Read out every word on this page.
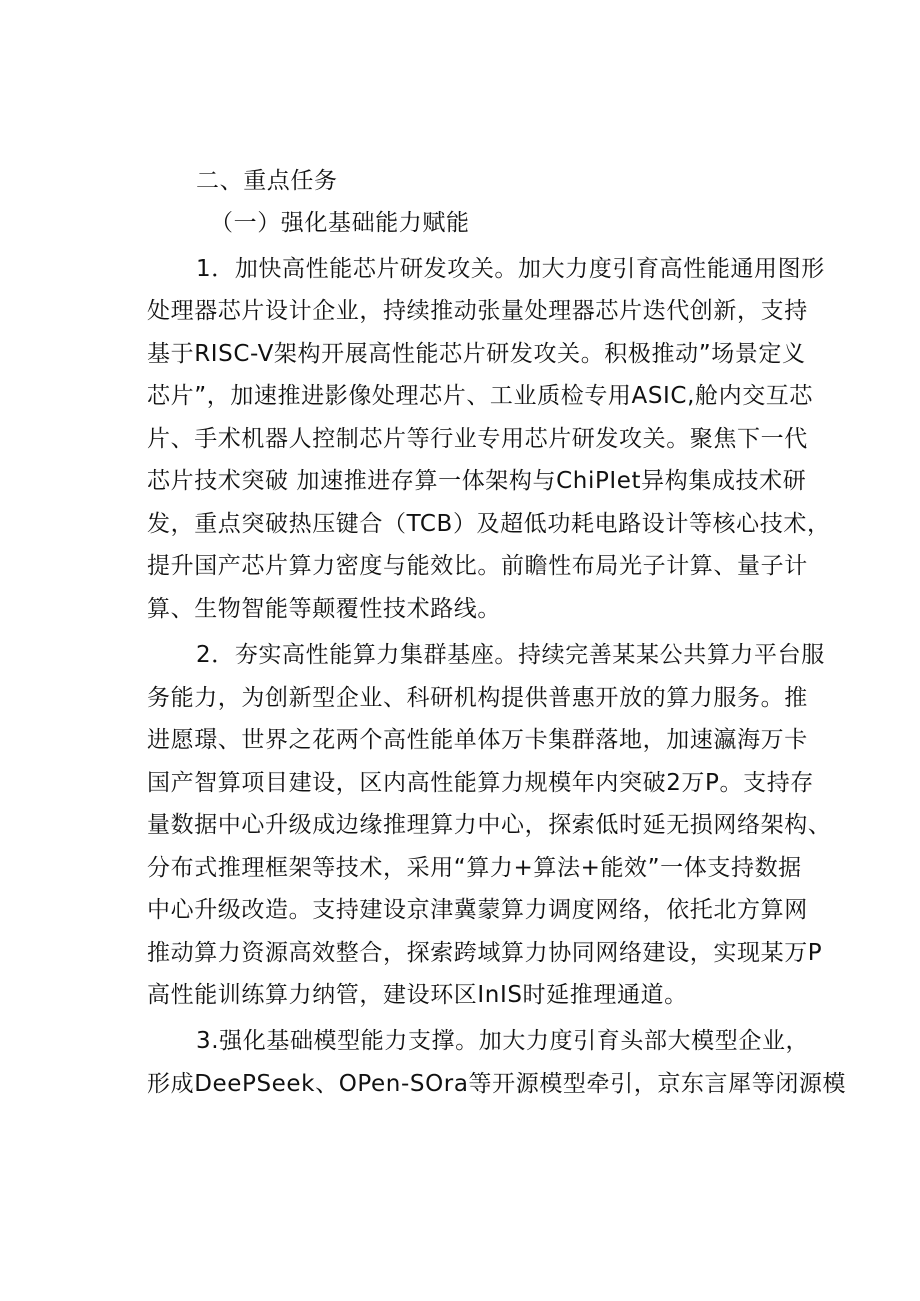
二、重点任务
（一）强化基础能力赋能
1．加快高性能芯片研发攻关。加大力度引育高性能通用图形
处理器芯片设计企业，持续推动张量处理器芯片迭代创新，支持
基于RISC-V架构开展高性能芯片研发攻关。积极推动”场景定义
芯片”，加速推进影像处理芯片、工业质检专用ASIC,舱内交互芯
片、手术机器人控制芯片等行业专用芯片研发攻关。聚焦下一代
芯片技术突破 加速推进存算一体架构与ChiPIet异构集成技术研
发，重点突破热压键合（TCB）及超低功耗电路设计等核心技术，
提升国产芯片算力密度与能效比。前瞻性布局光子计算、量子计
算、生物智能等颠覆性技术路线。
2．夯实高性能算力集群基座。持续完善某某公共算力平台服
务能力，为创新型企业、科研机构提供普惠开放的算力服务。推
进愿璟、世界之花两个高性能单体万卡集群落地，加速瀛海万卡
国产智算项目建设，区内高性能算力规模年内突破2万P。支持存
量数据中心升级成边缘推理算力中心，探索低时延无损网络架构、
分布式推理框架等技术，采用“算力+算法+能效”一体支持数据
中心升级改造。支持建设京津冀蒙算力调度网络，依托北方算网
推动算力资源高效整合，探索跨域算力协同网络建设，实现某万P
高性能训练算力纳管，建设环区InIS时延推理通道。
3.强化基础模型能力支撑。加大力度引育头部大模型企业，
形成DeePSeek、OPen-SOra等开源模型牵引，京东言犀等闭源模
